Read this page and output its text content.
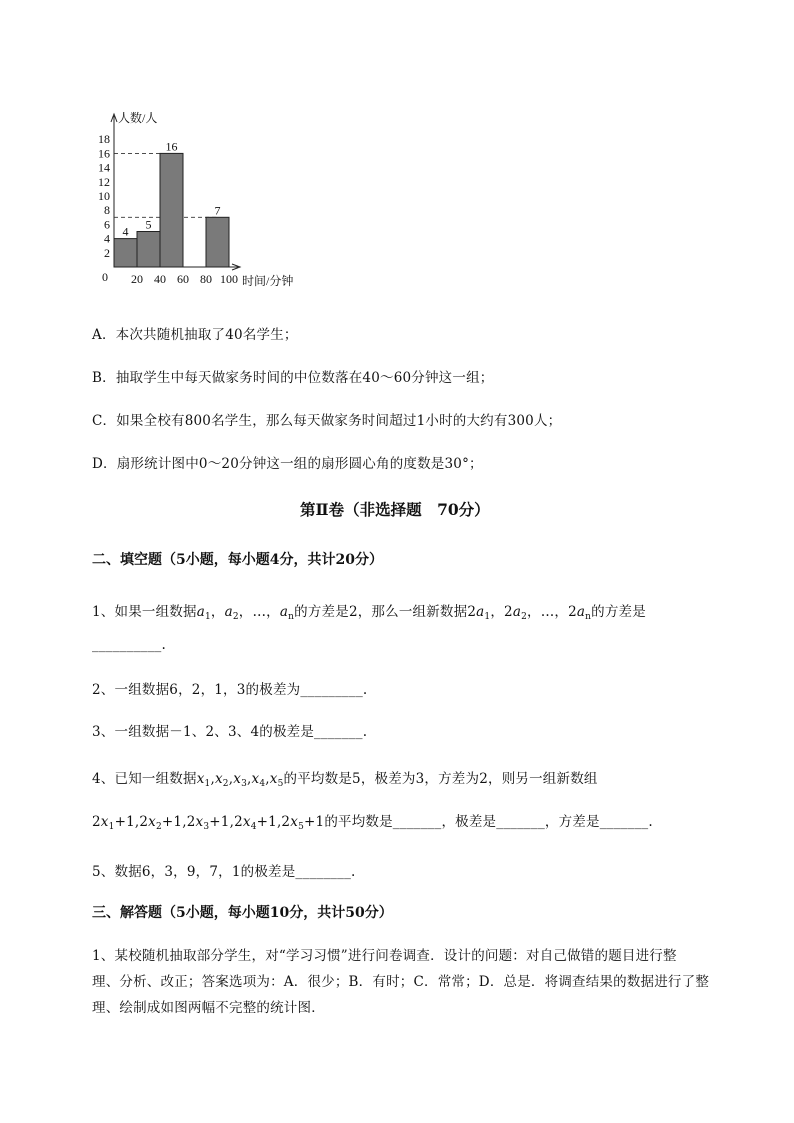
人数/人
时间/分钟
0
2
4
6
8
10
12
14
16
18
20 40 60 80 100
4
5
16
7
A．本次共随机抽取了40名学生；
B．抽取学生中每天做家务时间的中位数落在40～60分钟这一组；
C．如果全校有800名学生，那么每天做家务时间超过1小时的大约有300人；
D．扇形统计图中0～20分钟这一组的扇形圆心角的度数是30°；
第Ⅱ卷（非选择题　70分）
二、填空题（5小题，每小题4分，共计20分）
1、如果一组数据$a_1$，$a_2$，…，$a_n$的方差是2，那么一组新数据$2a_1$，$2a_2$，…，$2a_n$的方差是
__________.
2、一组数据6，2，1，3的极差为_________.
3、一组数据－1、2、3、4的极差是_______.
4、已知一组数据$x_1,x_2,x_3,x_4,x_5$的平均数是5，极差为3，方差为2，则另一组新数组
$2x_1+1,2x_2+1,2x_3+1,2x_4+1,2x_5+1$的平均数是_______，极差是_______，方差是_______.
5、数据6，3，9，7，1的极差是________.
三、解答题（5小题，每小题10分，共计50分）
1、某校随机抽取部分学生，对“学习习惯”进行问卷调查．设计的问题：对自己做错的题目进行整
理、分析、改正；答案选项为：A．很少；B．有时；C．常常；D．总是．将调查结果的数据进行了整
理、绘制成如图两幅不完整的统计图．
